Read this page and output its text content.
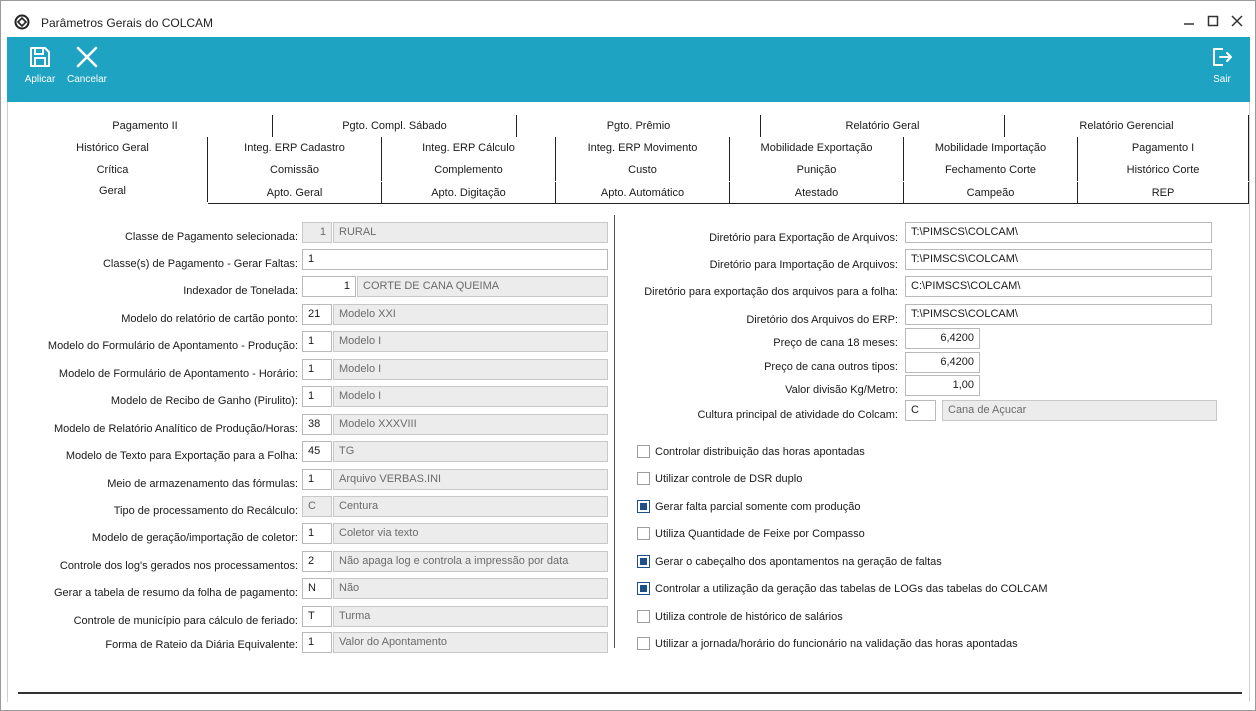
Parâmetros Gerais do COLCAM
Aplicar	Cancelar	Sair
Pagamento II	Pgto. Compl. Sábado	Pgto. Prêmio	Relatório Geral	Relatório Gerencial
Histórico Geral	Integ. ERP Cadastro	Integ. ERP Cálculo	Integ. ERP Movimento	Mobilidade Exportação	Mobilidade Importação	Pagamento I
Crítica	Comissão	Complemento	Custo	Punição	Fechamento Corte	Histórico Corte
Geral	Apto. Geral	Apto. Digitação	Apto. Automático	Atestado	Campeão	REP
Classe de Pagamento selecionada:	1	RURAL
Classe(s) de Pagamento - Gerar Faltas: 1
Indexador de Tonelada:	1	CORTE DE CANA QUEIMA
Modelo do relatório de cartão ponto: 21	Modelo XXI
Modelo do Formulário de Apontamento - Produção: 1	Modelo I
Modelo de Formulário de Apontamento - Horário: 1	Modelo I
Modelo de Recibo de Ganho (Pirulito): 1	Modelo I
Modelo de Relatório Analítico de Produção/Horas: 38	Modelo XXXVIII
Modelo de Texto para Exportação para a Folha: 45	TG
Meio de armazenamento das fórmulas: 1	Arquivo VERBAS.INI
Tipo de processamento do Recálculo: C	Centura
Modelo de geração/importação de coletor: 1	Coletor via texto
Controle dos log's gerados nos processamentos: 2	Não apaga log e controla a impressão por data
Gerar a tabela de resumo da folha de pagamento: N	Não
Controle de município para cálculo de feriado: T	Turma
Forma de Rateio da Diária Equivalente: 1	Valor do Apontamento
Diretório para Exportação de Arquivos:	T:\PIMSCS\COLCAM\
Diretório para Importação de Arquivos:	T:\PIMSCS\COLCAM\
Diretório para exportação dos arquivos para a folha:	C:\PIMSCS\COLCAM\
Diretório dos Arquivos do ERP:	T:\PIMSCS\COLCAM\
Preço de cana 18 meses:	6,4200
Preço de cana outros tipos:	6,4200
Valor divisão Kg/Metro:	1,00
Cultura principal de atividade do Colcam:	C	Cana de Açucar
Controlar distribuição das horas apontadas
Utilizar controle de DSR duplo
Gerar falta parcial somente com produção
Utiliza Quantidade de Feixe por Compasso
Gerar o cabeçalho dos apontamentos na geração de faltas
Controlar a utilização da geração das tabelas de LOGs das tabelas do COLCAM
Utiliza controle de histórico de salários
Utilizar a jornada/horário do funcionário na validação das horas apontadas
